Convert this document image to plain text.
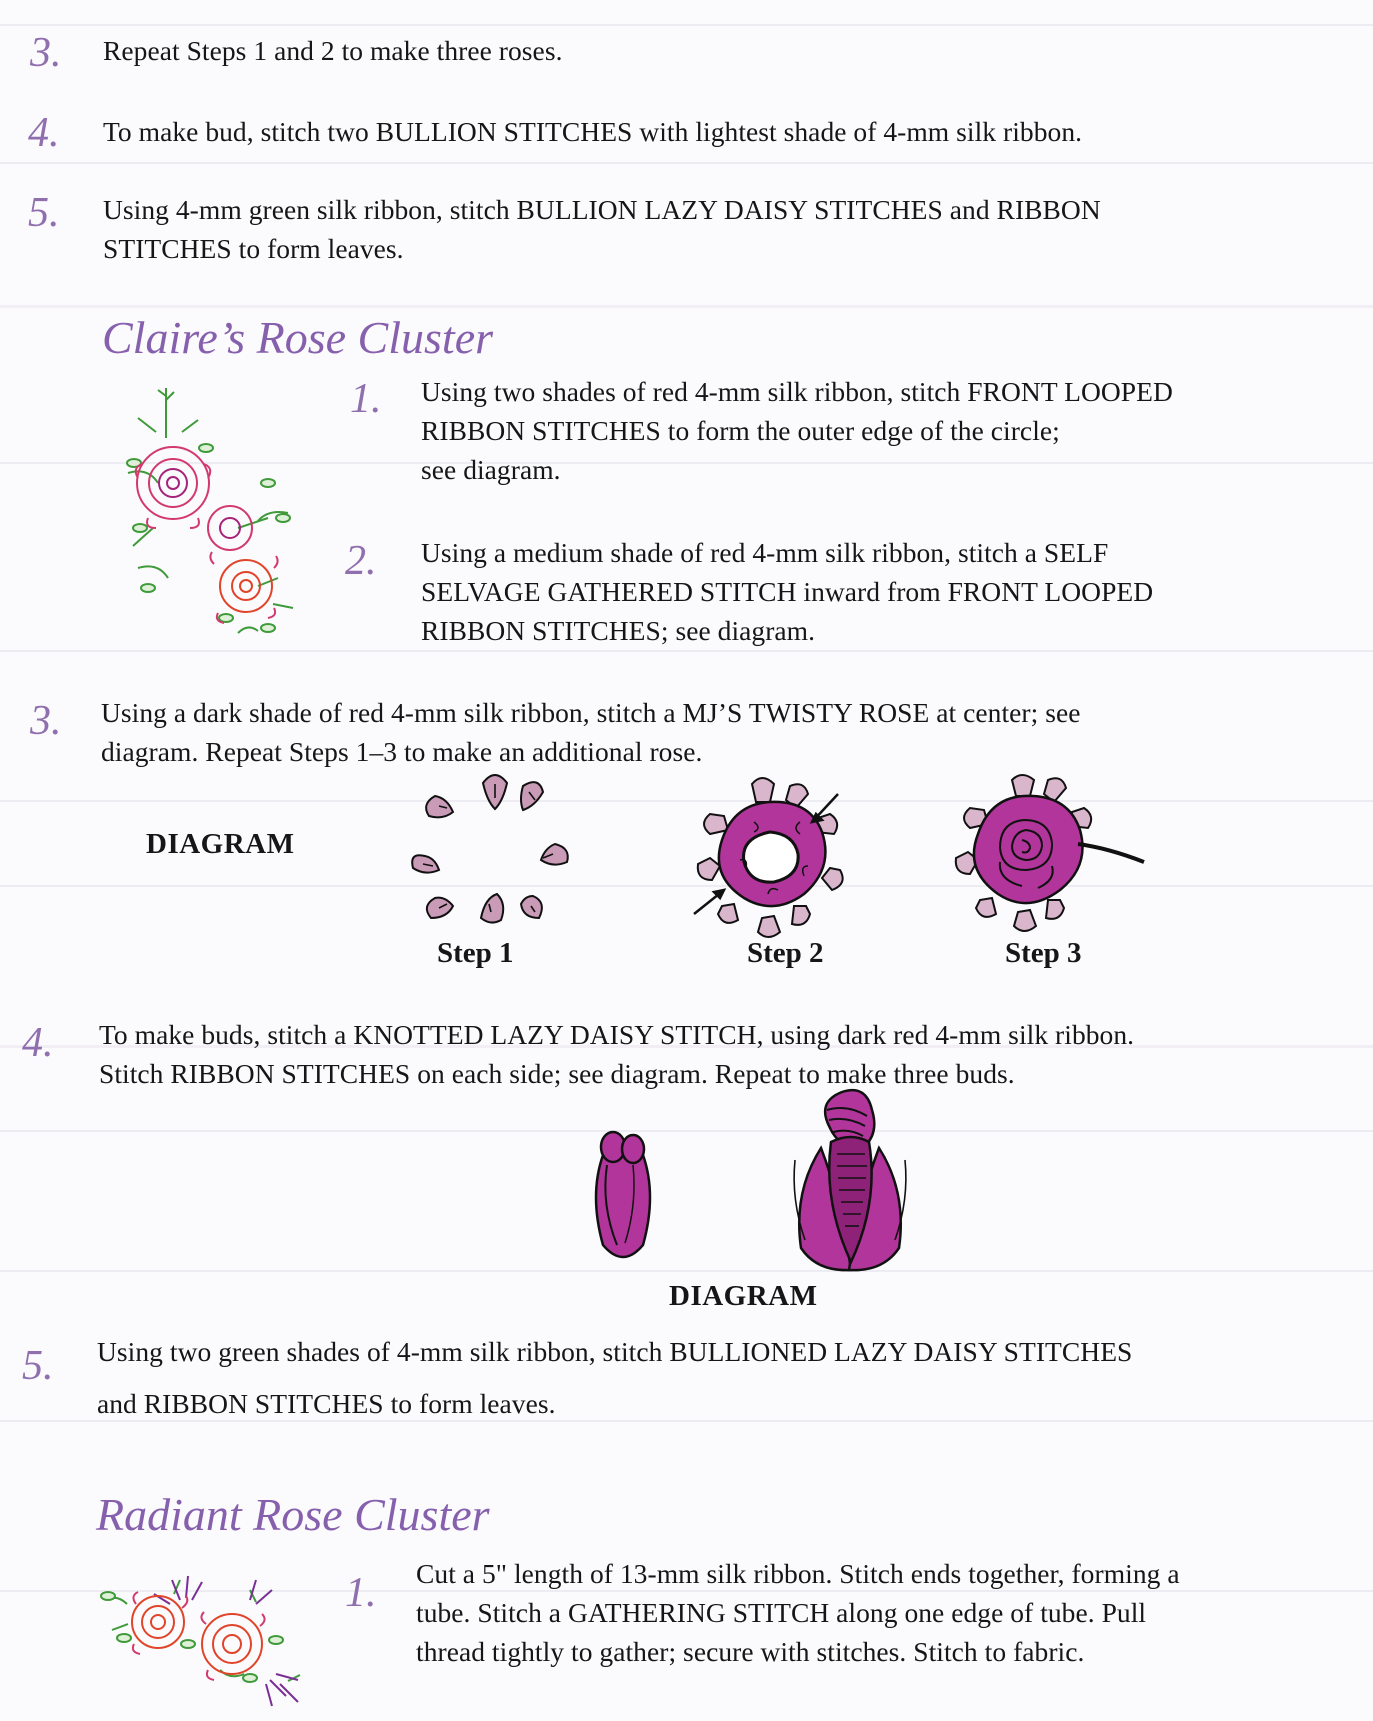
3. Repeat Steps 1 and 2 to make three roses.
4. To make bud, stitch two BULLION STITCHES with lightest shade of 4-mm silk ribbon.
5. Using 4-mm green silk ribbon, stitch BULLION LAZY DAISY STITCHES and RIBBON
STITCHES to form leaves.
Claire’s Rose Cluster
1. Using two shades of red 4-mm silk ribbon, stitch FRONT LOOPED
RIBBON STITCHES to form the outer edge of the circle;
see diagram.
2. Using a medium shade of red 4-mm silk ribbon, stitch a SELF
SELVAGE GATHERED STITCH inward from FRONT LOOPED
RIBBON STITCHES; see diagram.
3. Using a dark shade of red 4-mm silk ribbon, stitch a MJ’S TWISTY ROSE at center; see
diagram. Repeat Steps 1–3 to make an additional rose.
DIAGRAM
Step 1	Step 2	Step 3
4. To make buds, stitch a KNOTTED LAZY DAISY STITCH, using dark red 4-mm silk ribbon.
Stitch RIBBON STITCHES on each side; see diagram. Repeat to make three buds.
DIAGRAM
5. Using two green shades of 4-mm silk ribbon, stitch BULLIONED LAZY DAISY STITCHES
and RIBBON STITCHES to form leaves.
Radiant Rose Cluster
1. Cut a 5" length of 13-mm silk ribbon. Stitch ends together, forming a
tube. Stitch a GATHERING STITCH along one edge of tube. Pull
thread tightly to gather; secure with stitches. Stitch to fabric.
